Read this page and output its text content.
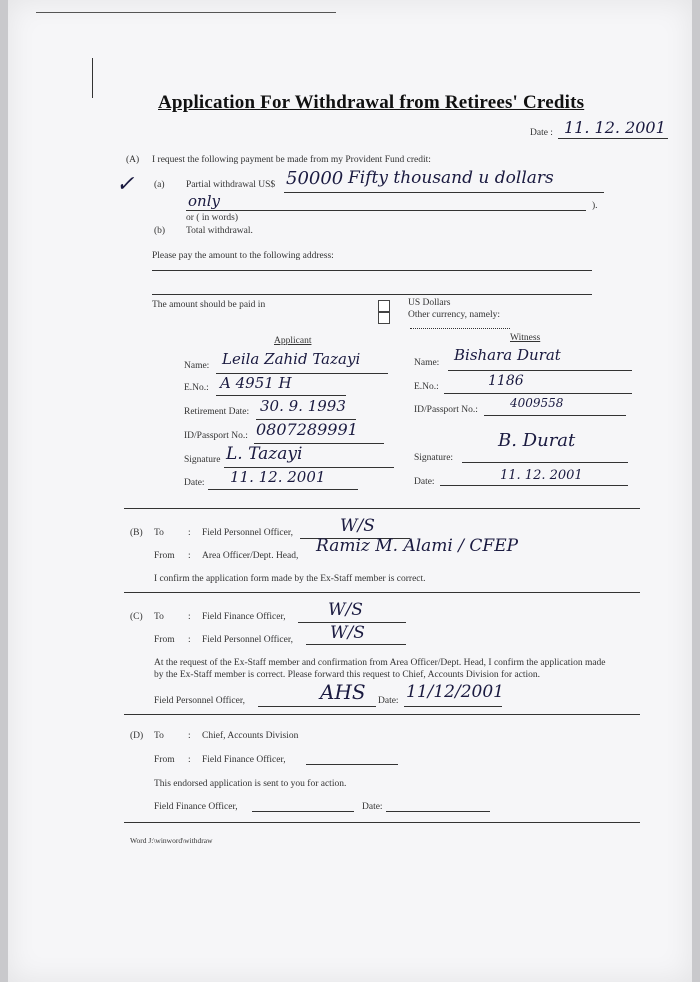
Application For Withdrawal from Retirees' Credits
Date : 11. 12. 2001
(A) I request the following payment be made from my Provident Fund credit:
✓ (a) Partial withdrawal US$ 50000 Fifty thousand u dollars
only	).
or ( in words)
(b) Total withdrawal.
Please pay the amount to the following address:
The amount should be paid in	US Dollars
Other currency, namely:
Applicant
Name: Leila Zahid Tazayi
E.No.: A 4951 H
Retirement Date: 30. 9. 1993
ID/Passport No.: 0807289991
Signature L. Tazayi
Date: 11. 12. 2001
Witness
Name: Bishara Durat
E.No.:	1186
ID/Passport No.:	4009558
Signature:
B. Durat
Date:	11. 12. 2001
(B) To	: Field Personnel Officer,	W/S
From : Area Officer/Dept. Head, Ramiz M. Alami / CFEP
I confirm the application form made by the Ex-Staff member is correct.
(C) To	: Field Finance Officer, W/S
From : Field Personnel Officer, W/S
At the request of the Ex-Staff member and confirmation from Area Officer/Dept. Head, I confirm the application made
by the Ex-Staff member is correct. Please forward this request to Chief, Accounts Division for action.
Field Personnel Officer,	AHS Date: 11/12/2001
(D) To	: Chief, Accounts Division
From : Field Finance Officer,
This endorsed application is sent to you for action.
Field Finance Officer,	Date:
Word J:\winword\withdraw
